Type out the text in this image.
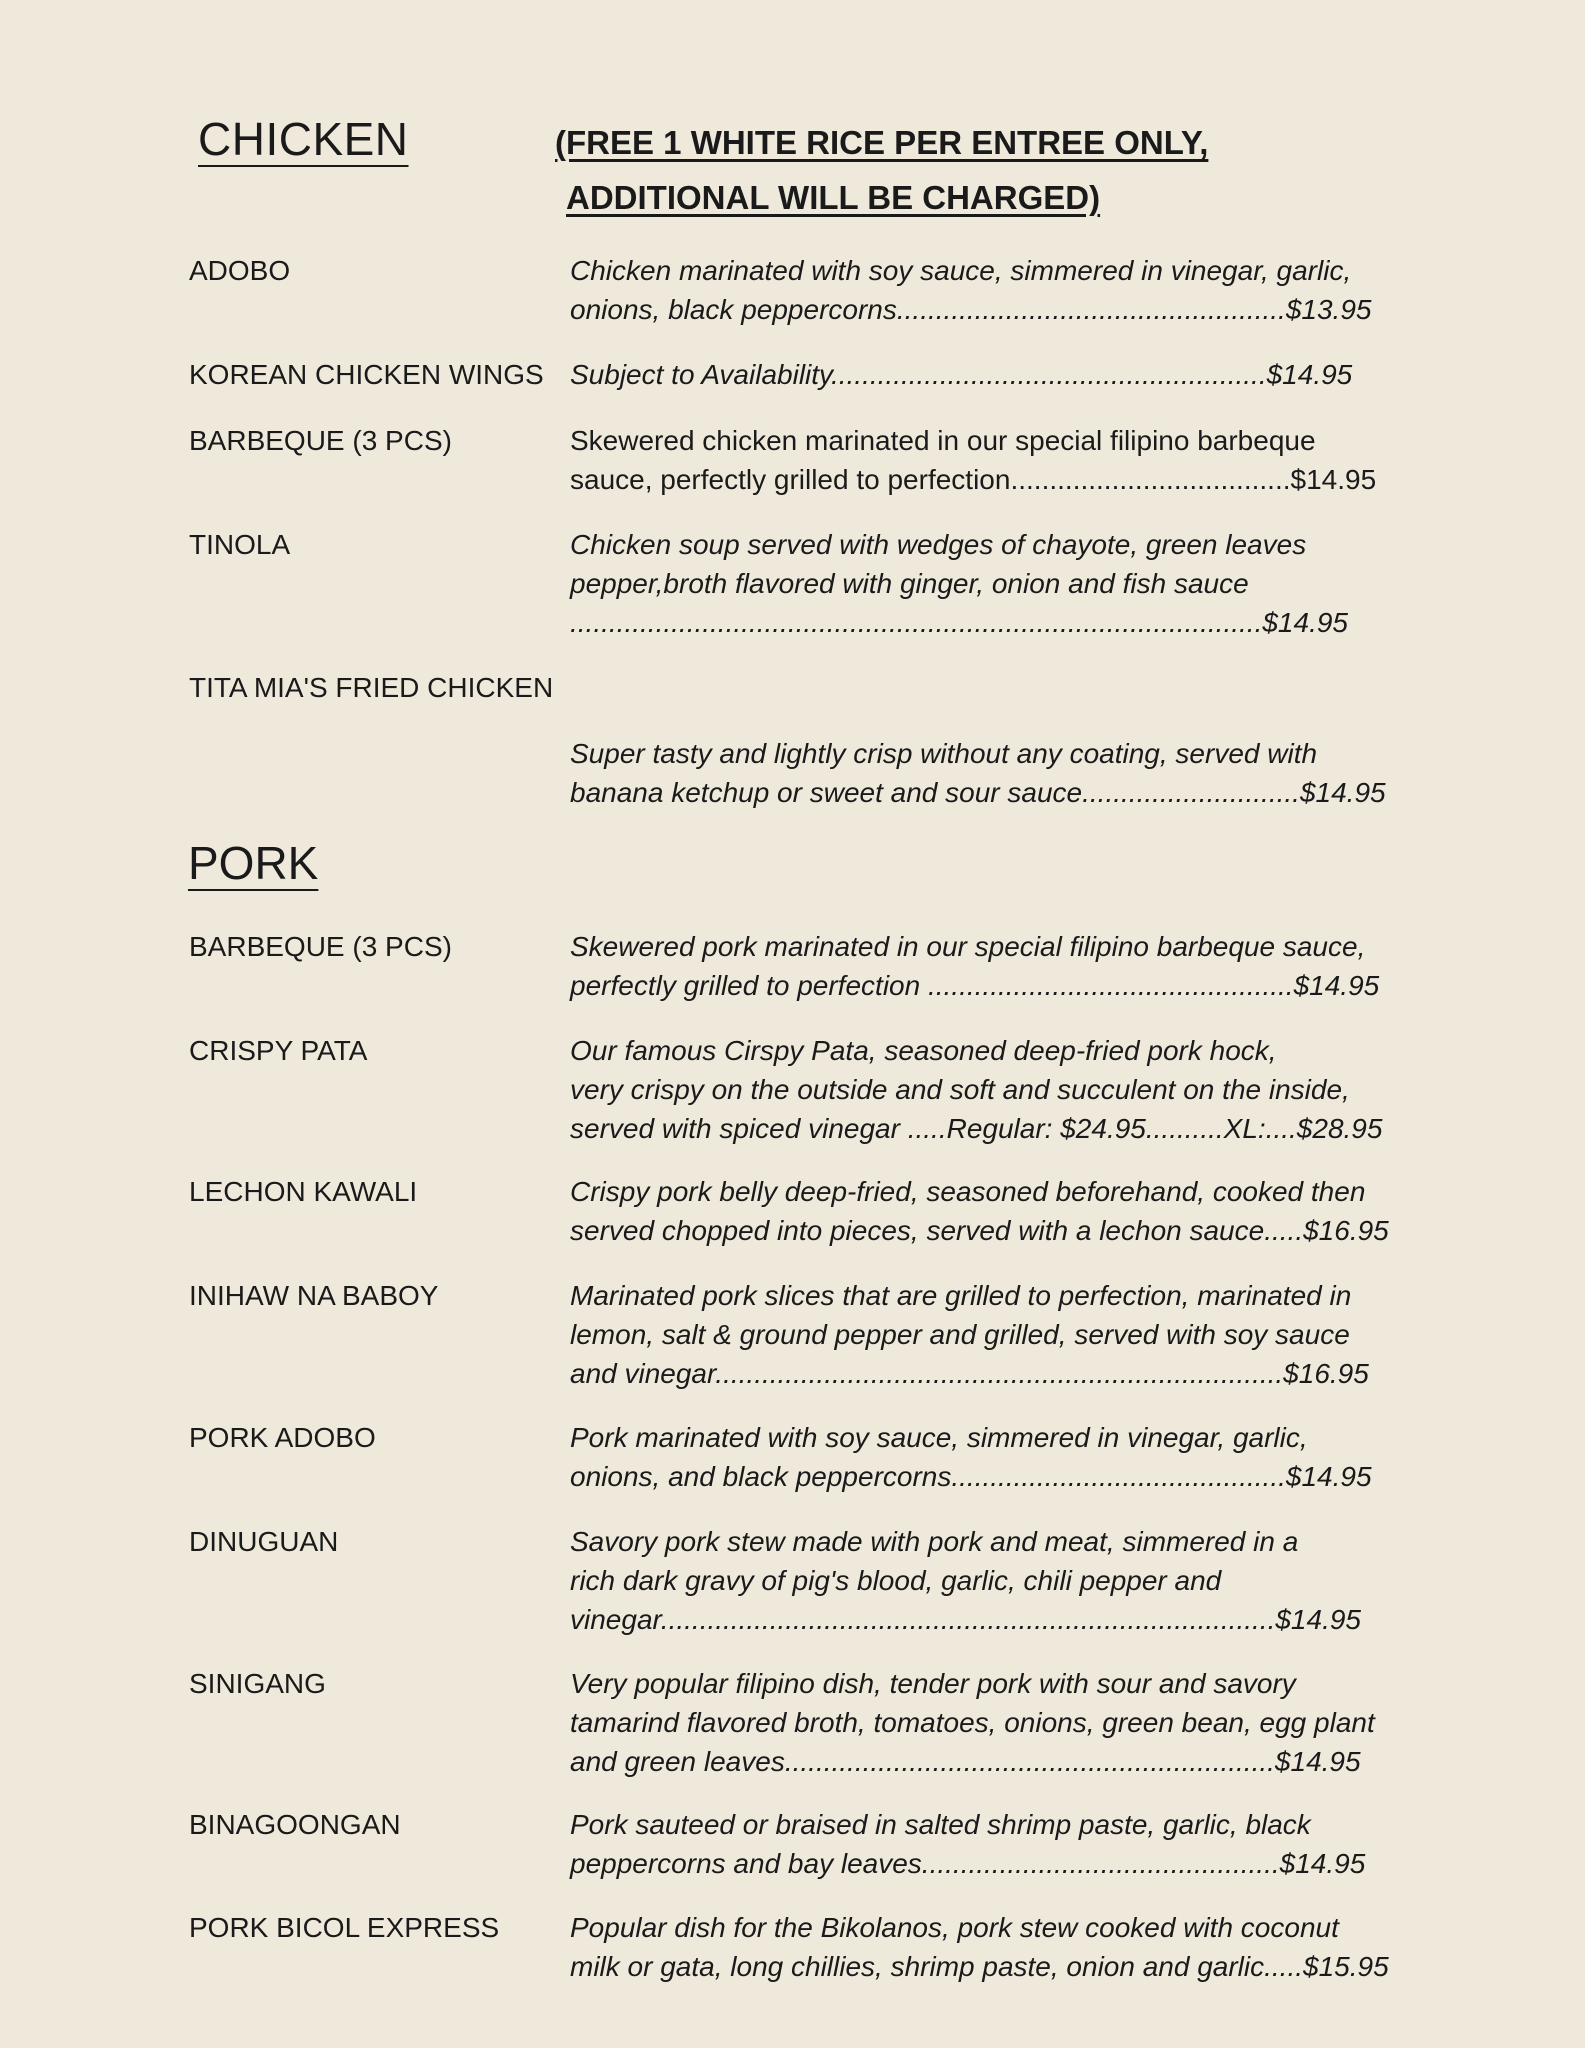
CHICKEN	(FREE 1 WHITE RICE PER ENTREE ONLY,
ADDITIONAL WILL BE CHARGED)
ADOBO	Chicken marinated with soy sauce, simmered in vinegar, garlic,
onions, black peppercorns..................................................$13.95
KOREAN CHICKEN WINGS Subject to Availability........................................................$14.95
BARBEQUE (3 PCS)	Skewered chicken marinated in our special filipino barbeque
sauce, perfectly grilled to perfection....................................$14.95
TINOLA	Chicken soup served with wedges of chayote, green leaves
pepper,broth flavored with ginger, onion and fish sauce
.........................................................................................$14.95
TITA MIA'S FRIED CHICKEN
Super tasty and lightly crisp without any coating, served with
banana ketchup or sweet and sour sauce............................$14.95
PORK
BARBEQUE (3 PCS)	Skewered pork marinated in our special filipino barbeque sauce,
perfectly grilled to perfection ...............................................$14.95
CRISPY PATA	Our famous Cirspy Pata, seasoned deep-fried pork hock,
very crispy on the outside and soft and succulent on the inside,
served with spiced vinegar .....Regular: $24.95..........XL:....$28.95
LECHON KAWALI	Crispy pork belly deep-fried, seasoned beforehand, cooked then
served chopped into pieces, served with a lechon sauce.....$16.95
INIHAW NA BABOY	Marinated pork slices that are grilled to perfection, marinated in
lemon, salt & ground pepper and grilled, served with soy sauce
and vinegar.........................................................................$16.95
PORK ADOBO	Pork marinated with soy sauce, simmered in vinegar, garlic,
onions, and black peppercorns...........................................$14.95
DINUGUAN	Savory pork stew made with pork and meat, simmered in a
rich dark gravy of pig's blood, garlic, chili pepper and
vinegar...............................................................................$14.95
SINIGANG	Very popular filipino dish, tender pork with sour and savory
tamarind flavored broth, tomatoes, onions, green bean, egg plant
and green leaves...............................................................$14.95
BINAGOONGAN	Pork sauteed or braised in salted shrimp paste, garlic, black
peppercorns and bay leaves..............................................$14.95
PORK BICOL EXPRESS	Popular dish for the Bikolanos, pork stew cooked with coconut
milk or gata, long chillies, shrimp paste, onion and garlic.....$15.95
